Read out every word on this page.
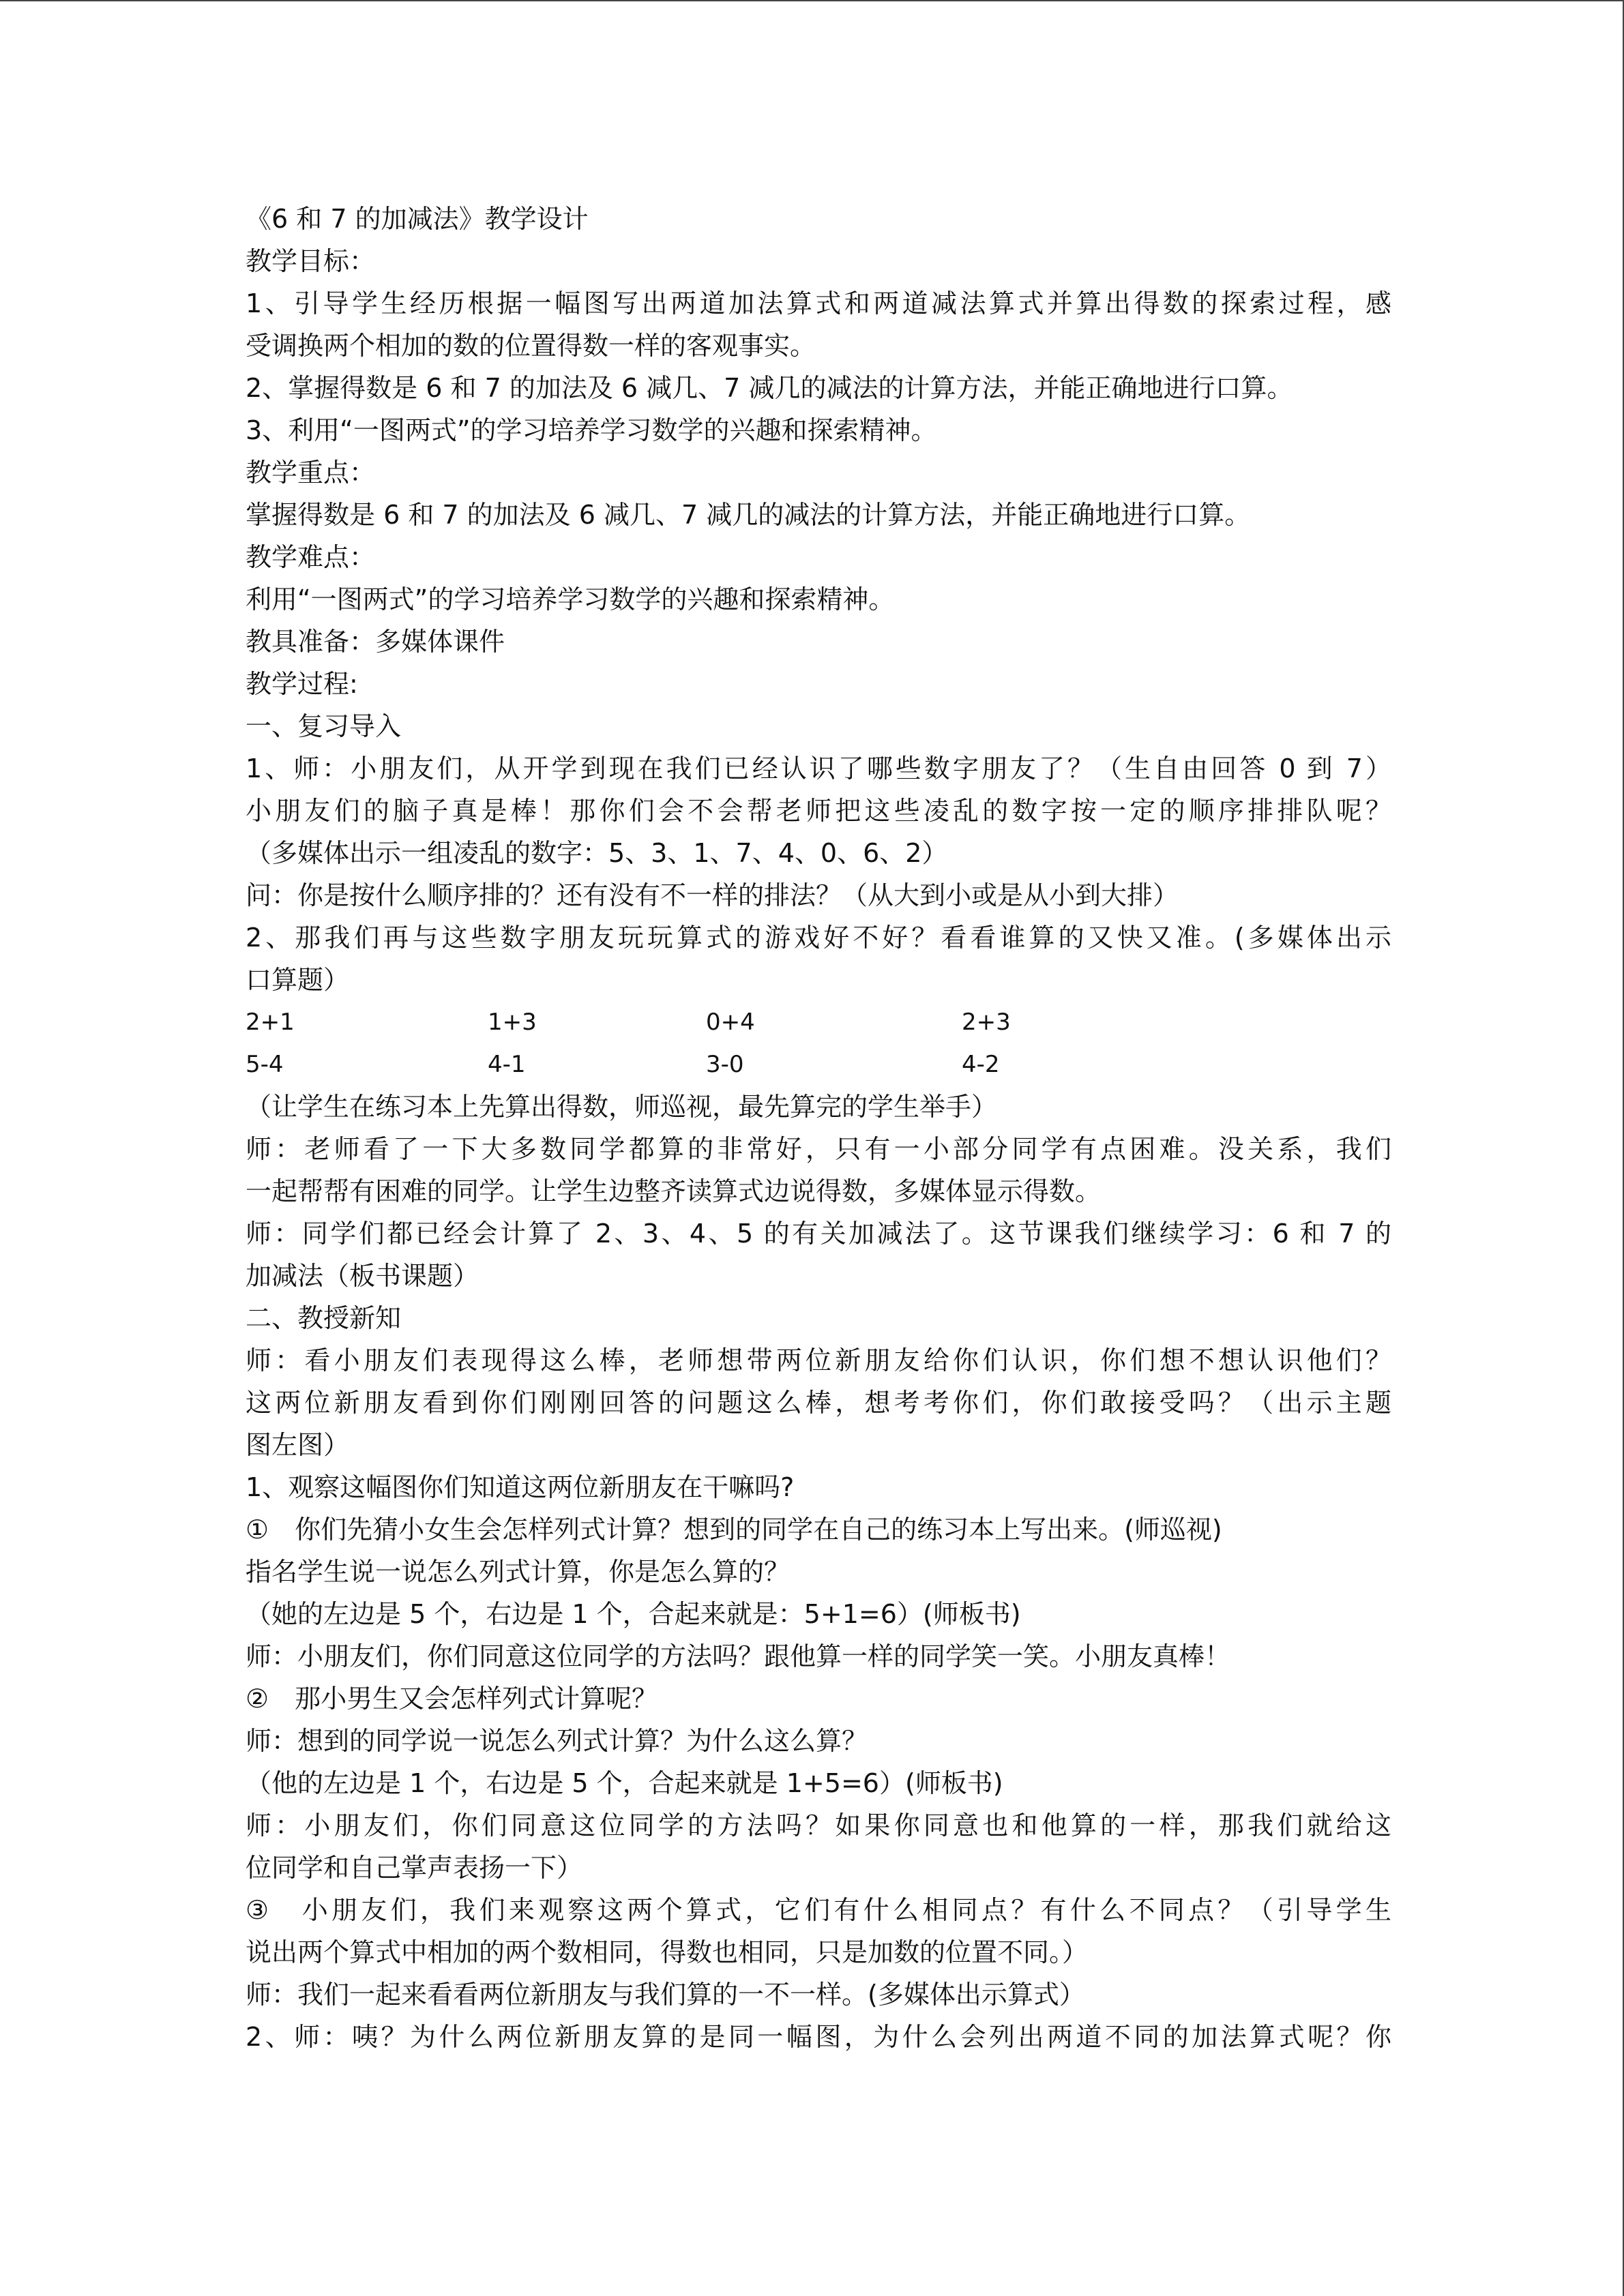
《6 和 7 的加减法》教学设计
教学目标：
1、引导学生经历根据一幅图写出两道加法算式和两道减法算式并算出得数的探索过程，感
受调换两个相加的数的位置得数一样的客观事实。
2、掌握得数是 6 和 7 的加法及 6 减几、7 减几的减法的计算方法，并能正确地进行口算。
3、利用“一图两式”的学习培养学习数学的兴趣和探索精神。
教学重点：
掌握得数是 6 和 7 的加法及 6 减几、7 减几的减法的计算方法，并能正确地进行口算。
教学难点：
利用“一图两式”的学习培养学习数学的兴趣和探索精神。
教具准备：多媒体课件
教学过程:
一、复习导入
1、师：小朋友们，从开学到现在我们已经认识了哪些数字朋友了？（生自由回答 0 到 7）
小朋友们的脑子真是棒！那你们会不会帮老师把这些凌乱的数字按一定的顺序排排队呢？
（多媒体出示一组凌乱的数字：5、3、1、7、4、0、6、2）
问：你是按什么顺序排的？还有没有不一样的排法？（从大到小或是从小到大排）
2、那我们再与这些数字朋友玩玩算式的游戏好不好？看看谁算的又快又准。(多媒体出示
口算题）
2+1	1+3	0+4	2+3
5-4	4-1	3-0	4-2
（让学生在练习本上先算出得数，师巡视，最先算完的学生举手）
师：老师看了一下大多数同学都算的非常好，只有一小部分同学有点困难。没关系，我们
一起帮帮有困难的同学。让学生边整齐读算式边说得数，多媒体显示得数。
师：同学们都已经会计算了 2、3、4、5 的有关加减法了。这节课我们继续学习：6 和 7 的
加减法（板书课题）
二、教授新知
师：看小朋友们表现得这么棒，老师想带两位新朋友给你们认识，你们想不想认识他们？
这两位新朋友看到你们刚刚回答的问题这么棒，想考考你们，你们敢接受吗？（出示主题
图左图）
1、观察这幅图你们知道这两位新朋友在干嘛吗?
①　你们先猜小女生会怎样列式计算？想到的同学在自己的练习本上写出来。(师巡视)
指名学生说一说怎么列式计算，你是怎么算的？
（她的左边是 5 个，右边是 1 个，合起来就是：5+1=6）(师板书)
师：小朋友们，你们同意这位同学的方法吗？跟他算一样的同学笑一笑。小朋友真棒！
②　那小男生又会怎样列式计算呢？
师：想到的同学说一说怎么列式计算？为什么这么算？
（他的左边是 1 个，右边是 5 个，合起来就是 1+5=6）(师板书)
师：小朋友们，你们同意这位同学的方法吗？如果你同意也和他算的一样，那我们就给这
位同学和自己掌声表扬一下）
③　小朋友们，我们来观察这两个算式，它们有什么相同点？有什么不同点？（引导学生
说出两个算式中相加的两个数相同，得数也相同，只是加数的位置不同。）
师：我们一起来看看两位新朋友与我们算的一不一样。(多媒体出示算式）
2、师：咦？为什么两位新朋友算的是同一幅图，为什么会列出两道不同的加法算式呢？你
